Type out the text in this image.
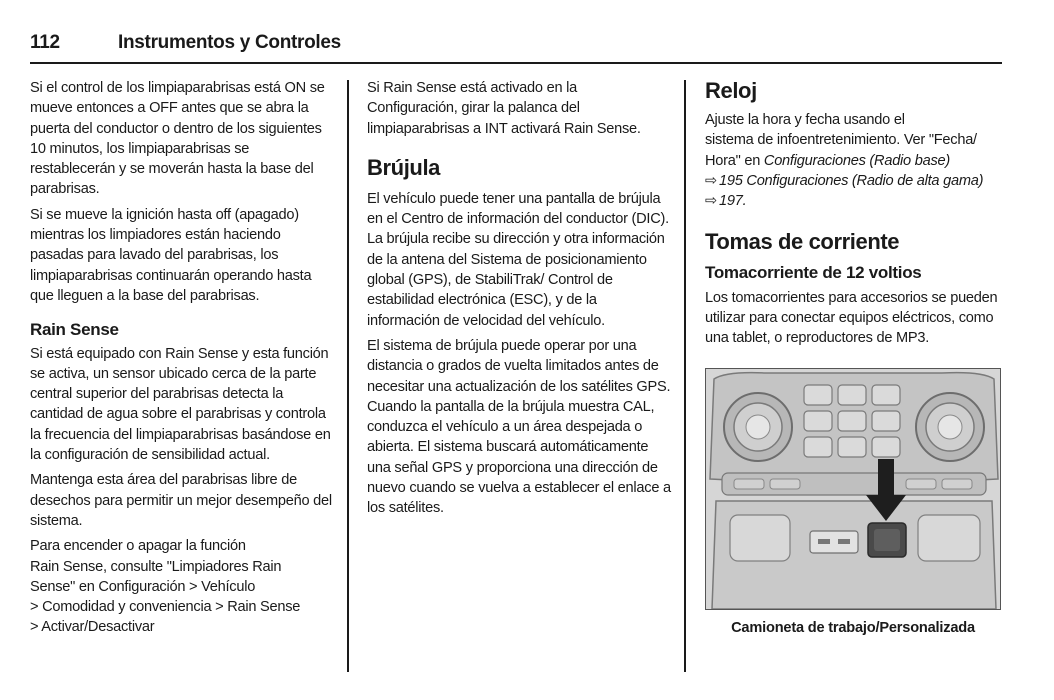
112	Instrumentos y Controles

Si el control de los limpiaparabrisas está ON se mueve entonces a OFF antes que se abra la puerta del conductor o dentro de los siguientes 10 minutos, los limpiaparabrisas se restablecerán y se moverán hasta la base del parabrisas.

Si se mueve la ignición hasta off (apagado) mientras los limpiadores están haciendo pasadas para lavado del parabrisas, los limpiaparabrisas continuarán operando hasta que lleguen a la base del parabrisas.

Rain Sense

Si está equipado con Rain Sense y esta función se activa, un sensor ubicado cerca de la parte central superior del parabrisas detecta la cantidad de agua sobre el parabrisas y controla la frecuencia del limpiaparabrisas basándose en la configuración de sensibilidad actual.

Mantenga esta área del parabrisas libre de desechos para permitir un mejor desempeño del sistema.

Para encender o apagar la función
Rain Sense, consulte "Limpiadores Rain
Sense" en Configuración > Vehículo
> Comodidad y conveniencia > Rain Sense
> Activar/Desactivar

Si Rain Sense está activado en la Configuración, girar la palanca del limpiaparabrisas a INT activará Rain Sense.

Brújula

El vehículo puede tener una pantalla de brújula en el Centro de información del conductor (DIC). La brújula recibe su dirección y otra información de la antena del Sistema de posicionamiento global (GPS), de StabiliTrak/ Control de estabilidad electrónica (ESC), y de la información de velocidad del vehículo.

El sistema de brújula puede operar por una distancia o grados de vuelta limitados antes de necesitar una actualización de los satélites GPS. Cuando la pantalla de la brújula muestra CAL, conduzca el vehículo a un área despejada o abierta. El sistema buscará automáticamente una señal GPS y proporciona una dirección de nuevo cuando se vuelva a establecer el enlace a los satélites.

Reloj

Ajuste la hora y fecha usando el
sistema de infoentretenimiento. Ver "Fecha/
Hora" en Configuraciones (Radio base)
⇨ 195 Configuraciones (Radio de alta gama)
⇨ 197.

Tomas de corriente
Tomacorriente de 12 voltios

Los tomacorrientes para accesorios se pueden utilizar para conectar equipos eléctricos, como una tablet, o reproductores de MP3.

Camioneta de trabajo/Personalizada
